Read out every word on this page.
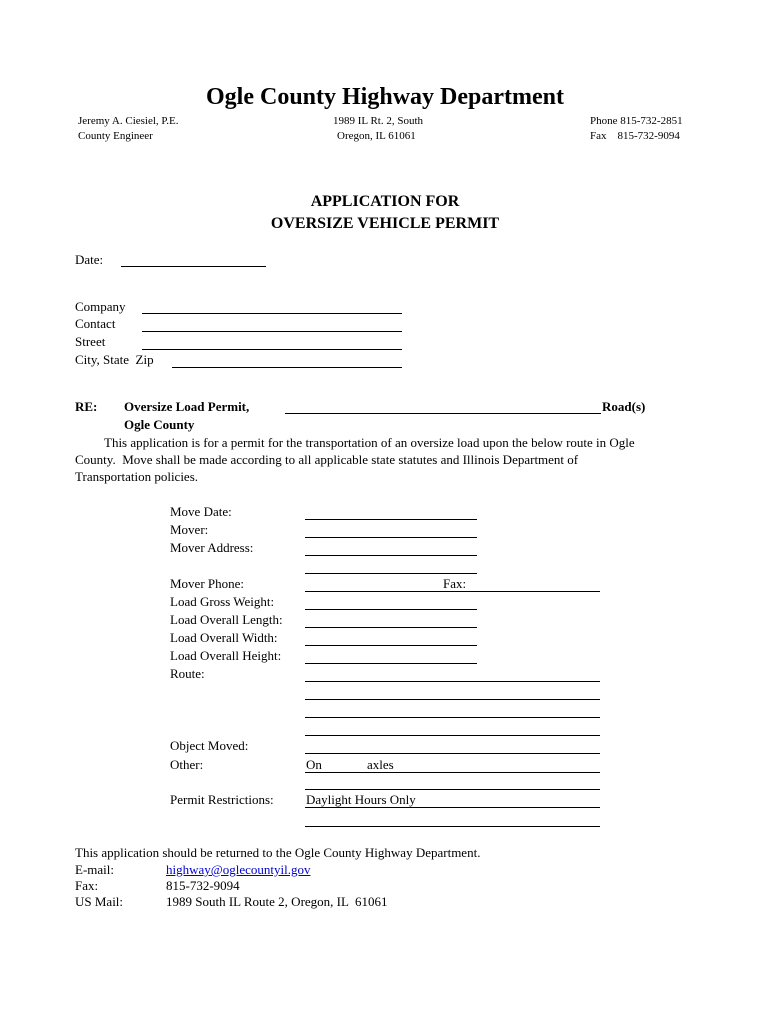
Ogle County Highway Department
Jeremy A. Ciesiel, P.E.
County Engineer
1989 IL Rt. 2, South
Oregon, IL 61061
Phone 815-732-2851
Fax    815-732-9094
APPLICATION FOR
OVERSIZE VEHICLE PERMIT
Date:
Company
Contact
Street
City, State  Zip
RE: Oversize Load Permit,	Road(s)
Ogle County
This application is for a permit for the transportation of an oversize load upon the below route in Ogle
County.  Move shall be made according to all applicable state statutes and Illinois Department of
Transportation policies.
Move Date:
Mover:
Mover Address:
Mover Phone:	Fax:
Load Gross Weight:
Load Overall Length:
Load Overall Width:
Load Overall Height:
Route:
Object Moved:
Other:	On	axles
Permit Restrictions: Daylight Hours Only
This application should be returned to the Ogle County Highway Department.
E-mail:	highway@oglecountyil.gov
Fax:	815-732-9094
US Mail:	1989 South IL Route 2, Oregon, IL  61061
